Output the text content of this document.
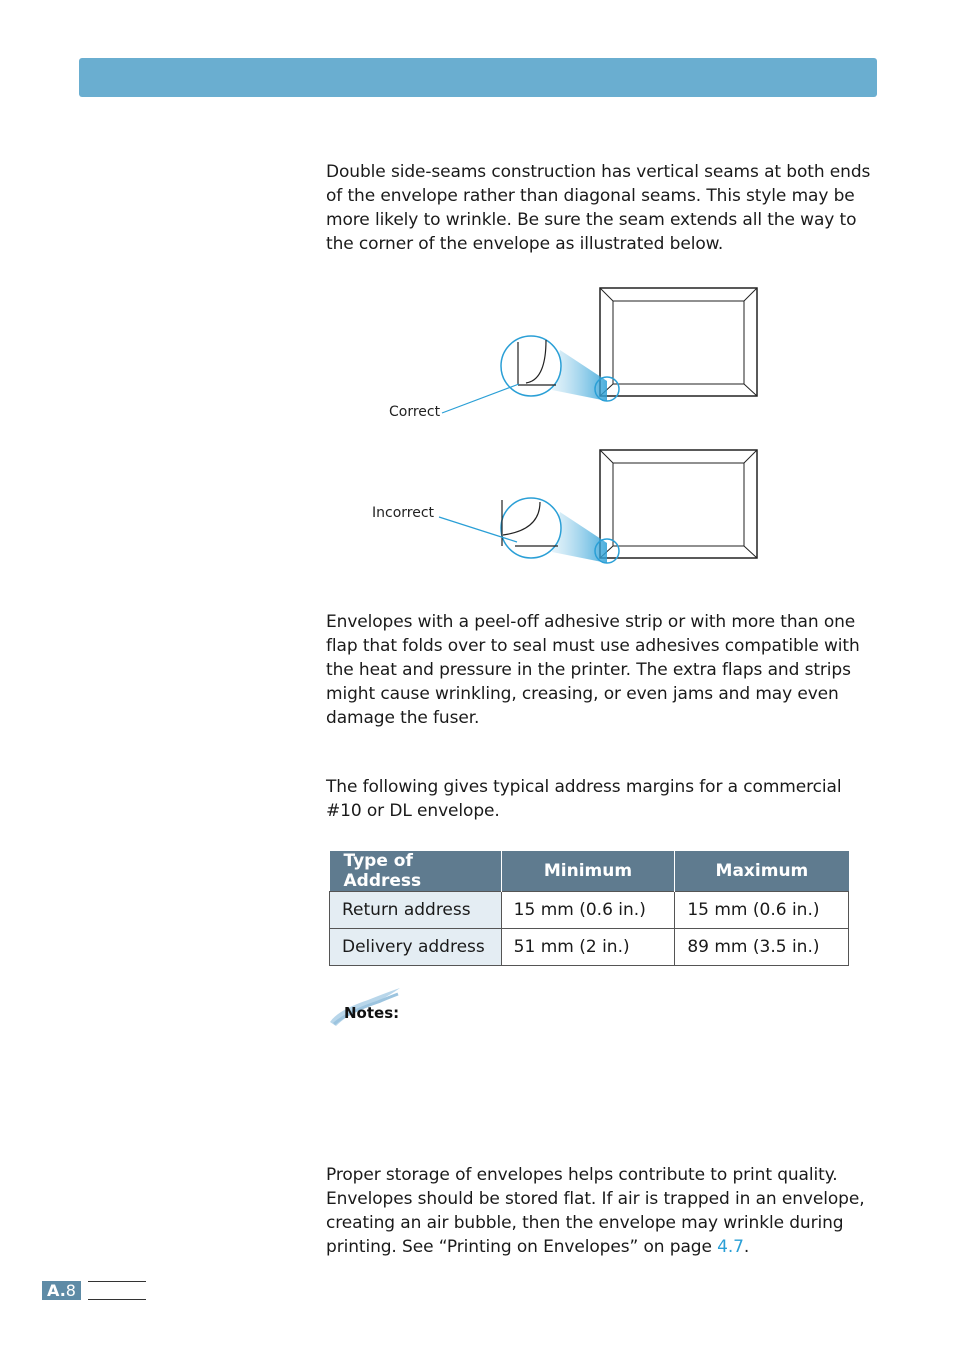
Double side-seams construction has vertical seams at both ends of the envelope rather than diagonal seams. This style may be more likely to wrinkle. Be sure the seam extends all the way to the corner of the envelope as illustrated below.

Correct
Incorrect

Envelopes with a peel-off adhesive strip or with more than one flap that folds over to seal must use adhesives compatible with the heat and pressure in the printer. The extra flaps and strips might cause wrinkling, creasing, or even jams and may even damage the fuser.

The following gives typical address margins for a commercial #10 or DL envelope.

Type of Address	Minimum	Maximum
Return address	15 mm (0.6 in.)	15 mm (0.6 in.)
Delivery address	51 mm (2 in.)	89 mm (3.5 in.)
Notes:

Proper storage of envelopes helps contribute to print quality. Envelopes should be stored flat. If air is trapped in an envelope, creating an air bubble, then the envelope may wrinkle during printing. See “Printing on Envelopes” on page 4.7.

A.8
